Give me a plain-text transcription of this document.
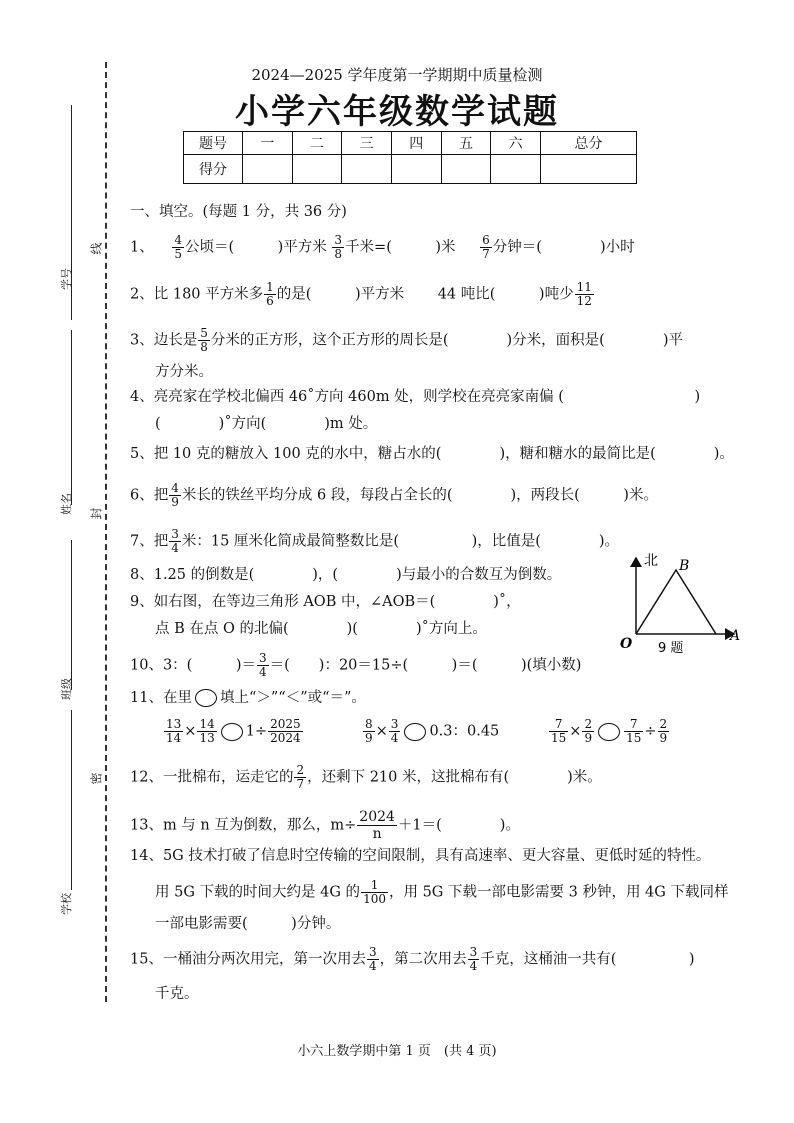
学号
姓名
班级
学校
线
封
密
2024—2025 学年度第一学期期中质量检测
小学六年级数学试题
题号	一	二	三	四	五	六	总分
得分							
一、填空。(每题 1 分，共 36 分)
1、 $\frac{4}{5}$ 公顷＝(　　　)平方米 $\frac{3}{8}$ 千米=(　　　)米 $\frac{6}{7}$ 分钟＝(　　　　)小时
2、比 180 平方米多 $\frac{1}{6}$ 的是(　　　)平方米　　 44 吨比(　　　)吨少 $\frac{11}{12}$
3、边长是 $\frac{5}{8}$ 分米的正方形，这个正方形的周长是(　　　　)分米，面积是(　　　　)平
方分米。
4、亮亮家在学校北偏西 46˚方向 460m 处，则学校在亮亮家南偏 (　　　　　　　　　)
(　　　　)˚方向(　　　　)m 处。
5、把 10 克的糖放入 100 克的水中，糖占水的(　　　　)，糖和糖水的最简比是(　　　　)。
6、把 $\frac{4}{9}$ 米长的铁丝平均分成 6 段，每段占全长的(　　　　)，两段长(　　　)米。
7、把 $\frac{3}{4}$ 米：15 厘米化简成最简整数比是(　　　　　)，比值是(　　　　)。
8、1.25 的倒数是(　　　　)，(　　　　)与最小的合数互为倒数。
9、如右图，在等边三角形 AOB 中，∠AOB＝(　　　　)˚，
点 B 在点 O 的北偏(　　　　)(　　　　)˚方向上。
北 B
O	A
9 题
10、3：(　　　)＝ $\frac{3}{4}$ ＝(　　)：20＝15÷(　　　)＝(　　　)(填小数)
11、在里 填上“＞”“＜”或“＝”。
$\frac{13}{14} \times \frac{14}{13} 1\div \frac{2025}{2024}$	$\frac{8}{9} \times \frac{3}{4} 0.3$：0.45	$\frac{7}{15} \times \frac{2}{9}$	$\frac{7}{15} \div \frac{2}{9}$
12、一批棉布，运走它的 $\frac{2}{7}$ ，还剩下 210 米，这批棉布有(　　　　)米。
13、m 与 n 互为倒数，那么，$m\div \frac{2024}{n} +1=$(　　　　)。
14、5G 技术打破了信息时空传输的空间限制，具有高速率、更大容量、更低时延的特性。
用 5G 下载的时间大约是 4G 的 $\frac{1}{100}$ ，用 5G 下载一部电影需要 3 秒钟，用 4G 下载同样
一部电影需要(　　　)分钟。
15、一桶油分两次用完，第一次用去 $\frac{3}{4}$ ，第二次用去 $\frac{3}{4}$ 千克，这桶油一共有(　　　　　)
千克。
小六上数学期中第 1 页　(共 4 页)
